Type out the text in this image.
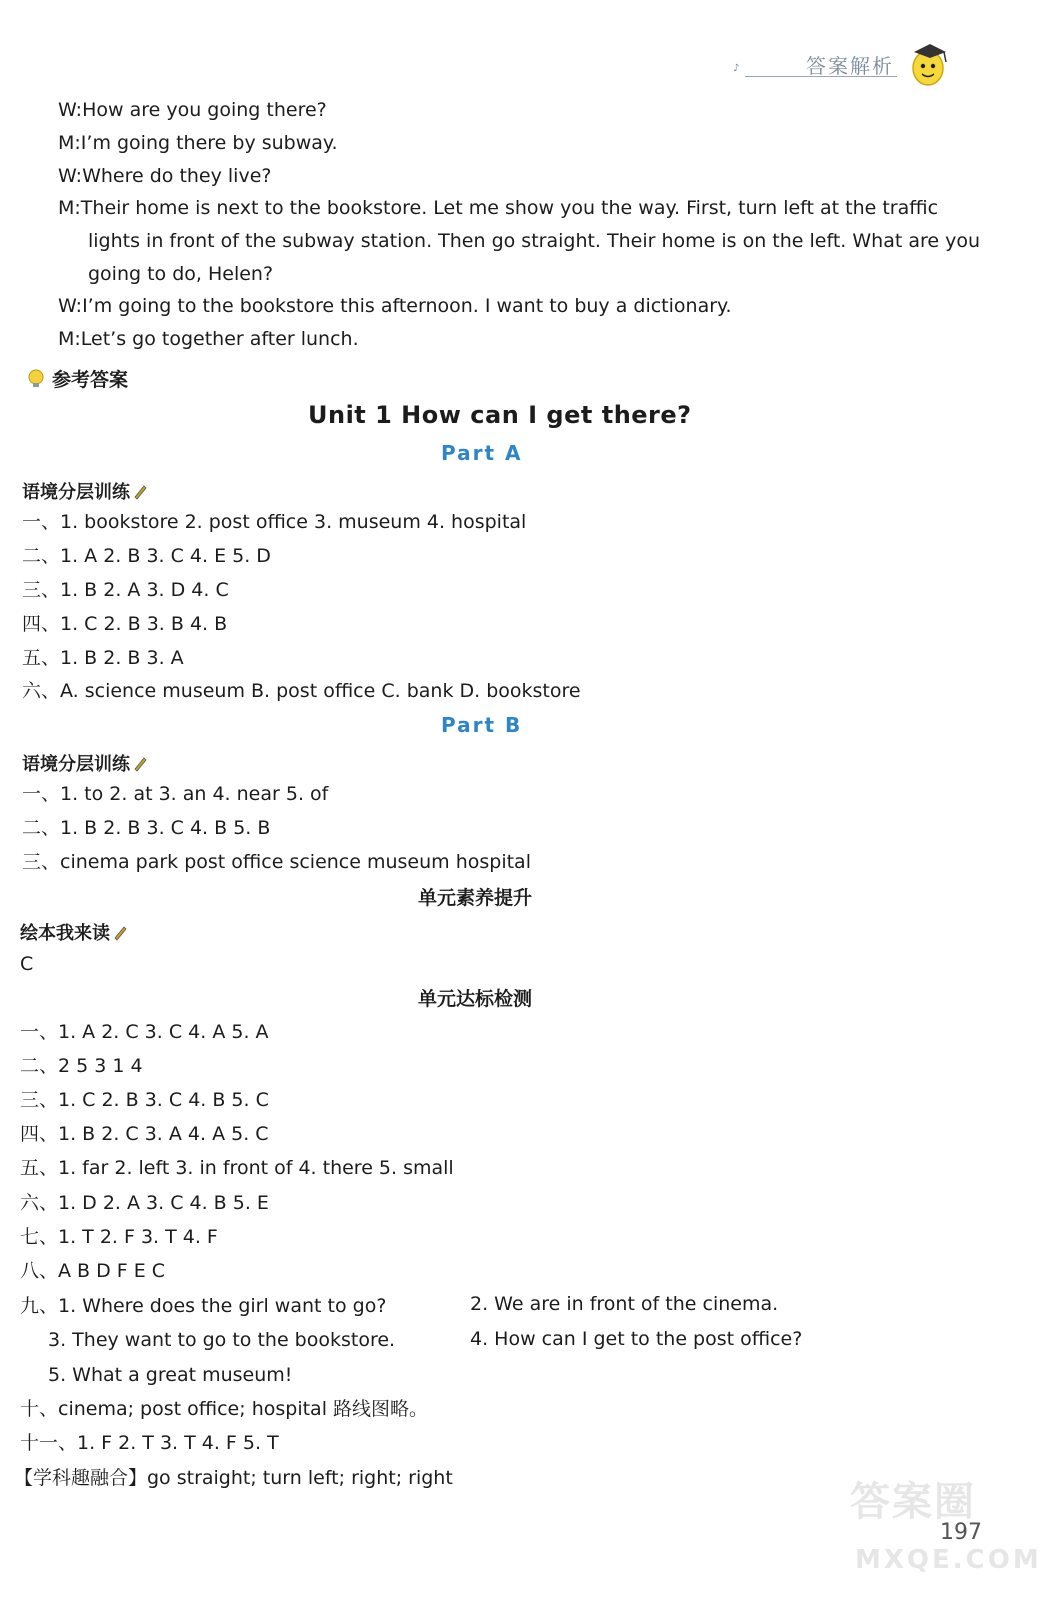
♪	答案解析
W:How are you going there?
M:I’m going there by subway.
W:Where do they live?
M:Their home is next to the bookstore. Let me show you the way. First, turn left at the traffic
lights in front of the subway station. Then go straight. Their home is on the left. What are you
going to do, Helen?
W:I’m going to the bookstore this afternoon. I want to buy a dictionary.
M:Let’s go together after lunch.
参考答案
Unit 1 How can I get there?
Part A
语境分层训练
一、1. bookstore 2. post office 3. museum 4. hospital
二、1. A 2. B 3. C 4. E 5. D
三、1. B 2. A 3. D 4. C
四、1. C 2. B 3. B 4. B
五、1. B 2. B 3. A
六、A. science museum B. post office C. bank D. bookstore
Part B
语境分层训练
一、1. to 2. at 3. an 4. near 5. of
二、1. B 2. B 3. C 4. B 5. B
三、cinema park post office science museum hospital
单元素养提升
绘本我来读
C
单元达标检测
一、1. A 2. C 3. C 4. A 5. A
二、2 5 3 1 4
三、1. C 2. B 3. C 4. B 5. C
四、1. B 2. C 3. A 4. A 5. C
五、1. far 2. left 3. in front of 4. there 5. small
六、1. D 2. A 3. C 4. B 5. E
七、1. T 2. F 3. T 4. F
八、A B D F E C
九、1. Where does the girl want to go?	2. We are in front of the cinema.
3. They want to go to the bookstore.	4. How can I get to the post office?
5. What a great museum!
十、cinema; post office; hospital 路线图略。
十一、1. F 2. T 3. T 4. F 5. T
【学科趣融合】go straight; turn left; right; right
答案圈
197
MXQE.COM
